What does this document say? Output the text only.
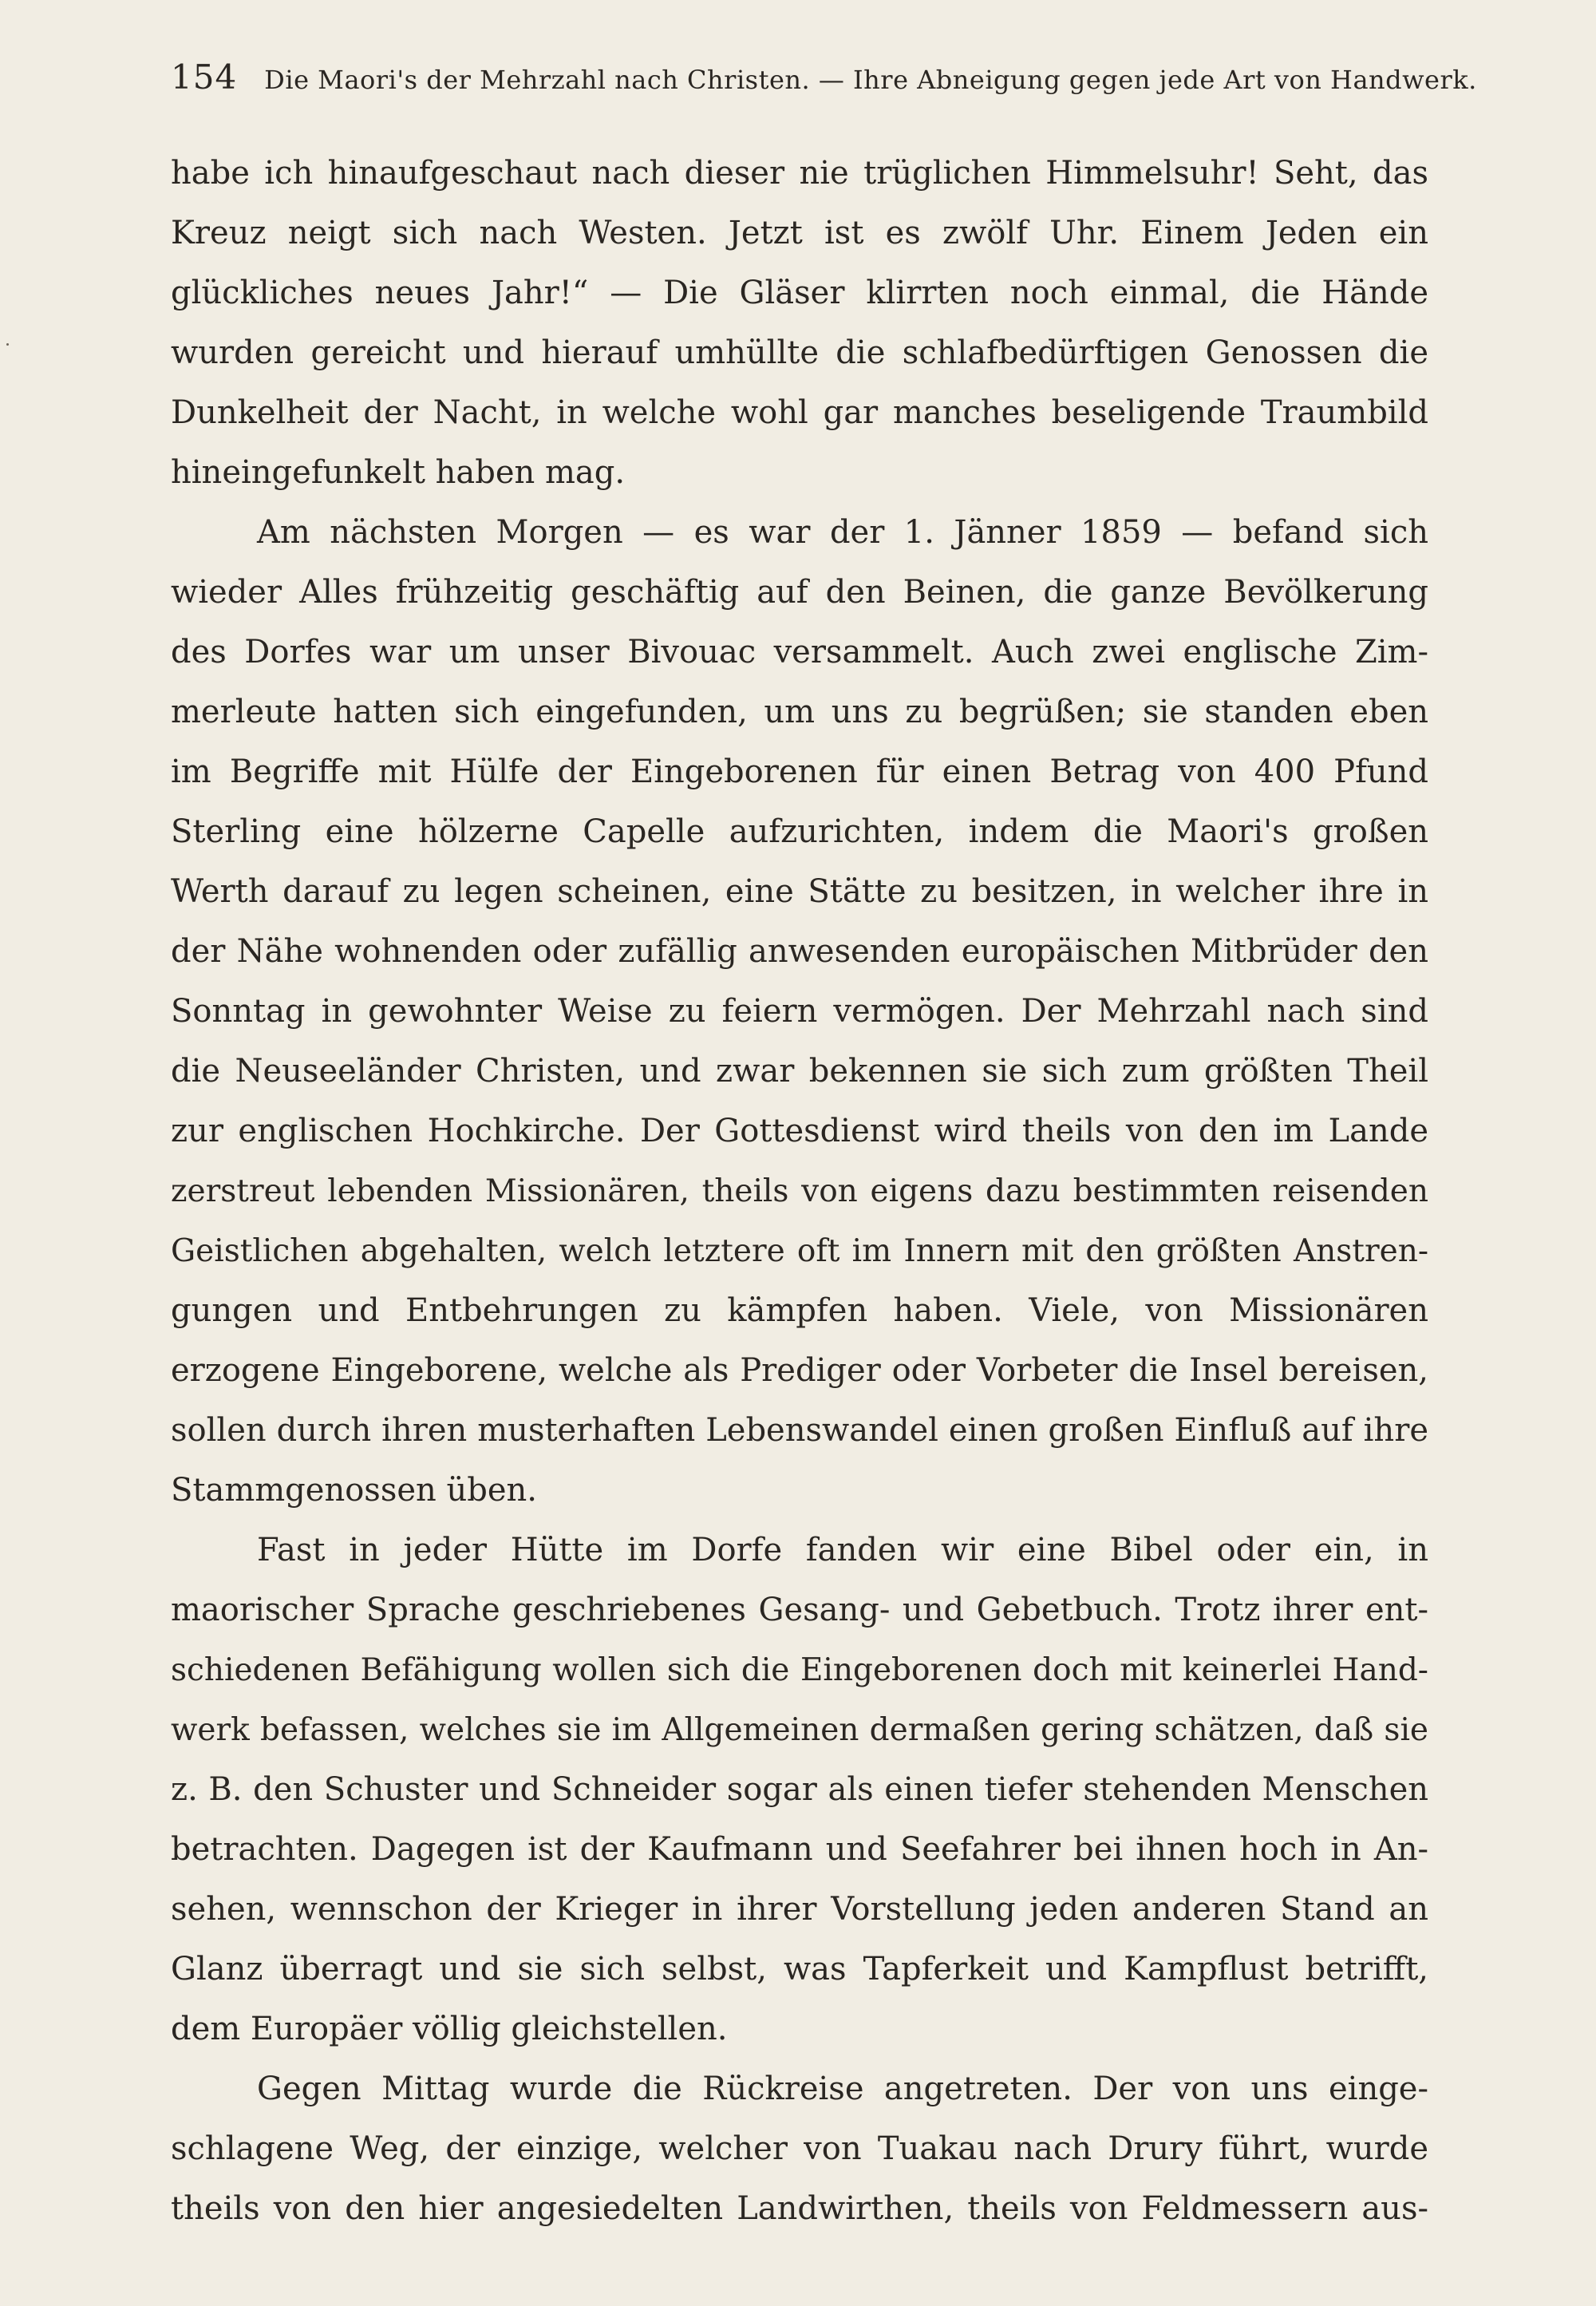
154 Die Maori's der Mehrzahl nach Christen. — Ihre Abneigung gegen jede Art von Handwerk.
habe ich hinaufgeschaut nach dieser nie trüglichen Himmelsuhr! Seht, das
Kreuz neigt sich nach Westen. Jetzt ist es zwölf Uhr. Einem Jeden ein
glückliches neues Jahr!“ — Die Gläser klirrten noch einmal, die Hände
wurden gereicht und hierauf umhüllte die schlafbedürftigen Genossen die
Dunkelheit der Nacht, in welche wohl gar manches beseligende Traumbild
hineingefunkelt haben mag.
Am nächsten Morgen — es war der 1. Jänner 1859 — befand sich
wieder Alles frühzeitig geschäftig auf den Beinen, die ganze Bevölkerung
des Dorfes war um unser Bivouac versammelt. Auch zwei englische Zim-
merleute hatten sich eingefunden, um uns zu begrüßen; sie standen eben
im Begriffe mit Hülfe der Eingeborenen für einen Betrag von 400 Pfund
Sterling eine hölzerne Capelle aufzurichten, indem die Maori's großen
Werth darauf zu legen scheinen, eine Stätte zu besitzen, in welcher ihre in
der Nähe wohnenden oder zufällig anwesenden europäischen Mitbrüder den
Sonntag in gewohnter Weise zu feiern vermögen. Der Mehrzahl nach sind
die Neuseeländer Christen, und zwar bekennen sie sich zum größten Theil
zur englischen Hochkirche. Der Gottesdienst wird theils von den im Lande
zerstreut lebenden Missionären, theils von eigens dazu bestimmten reisenden
Geistlichen abgehalten, welch letztere oft im Innern mit den größten Anstren-
gungen und Entbehrungen zu kämpfen haben. Viele, von Missionären
erzogene Eingeborene, welche als Prediger oder Vorbeter die Insel bereisen,
sollen durch ihren musterhaften Lebenswandel einen großen Einfluß auf ihre
Stammgenossen üben.
Fast in jeder Hütte im Dorfe fanden wir eine Bibel oder ein, in
maorischer Sprache geschriebenes Gesang- und Gebetbuch. Trotz ihrer ent-
schiedenen Befähigung wollen sich die Eingeborenen doch mit keinerlei Hand-
werk befassen, welches sie im Allgemeinen dermaßen gering schätzen, daß sie
z. B. den Schuster und Schneider sogar als einen tiefer stehenden Menschen
betrachten. Dagegen ist der Kaufmann und Seefahrer bei ihnen hoch in An-
sehen, wennschon der Krieger in ihrer Vorstellung jeden anderen Stand an
Glanz überragt und sie sich selbst, was Tapferkeit und Kampflust betrifft,
dem Europäer völlig gleichstellen.
Gegen Mittag wurde die Rückreise angetreten. Der von uns einge-
schlagene Weg, der einzige, welcher von Tuakau nach Drury führt, wurde
theils von den hier angesiedelten Landwirthen, theils von Feldmessern aus-
